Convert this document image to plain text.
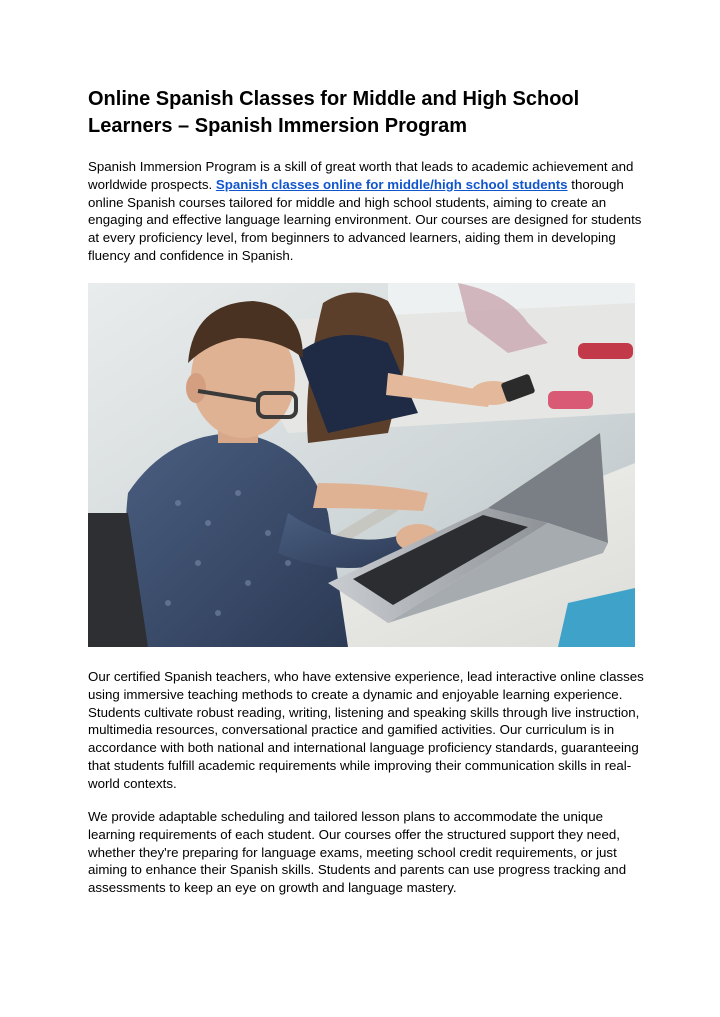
Online Spanish Classes for Middle and High School Learners – Spanish Immersion Program

Spanish Immersion Program is a skill of great worth that leads to academic achievement and worldwide prospects. Spanish classes online for middle/high school students thorough online Spanish courses tailored for middle and high school students, aiming to create an engaging and effective language learning environment. Our courses are designed for students at every proficiency level, from beginners to advanced learners, aiding them in developing fluency and confidence in Spanish.

Our certified Spanish teachers, who have extensive experience, lead interactive online classes using immersive teaching methods to create a dynamic and enjoyable learning experience. Students cultivate robust reading, writing, listening and speaking skills through live instruction, multimedia resources, conversational practice and gamified activities. Our curriculum is in accordance with both national and international language proficiency standards, guaranteeing that students fulfill academic requirements while improving their communication skills in real-world contexts.

We provide adaptable scheduling and tailored lesson plans to accommodate the unique learning requirements of each student. Our courses offer the structured support they need, whether they're preparing for language exams, meeting school credit requirements, or just aiming to enhance their Spanish skills. Students and parents can use progress tracking and assessments to keep an eye on growth and language mastery.
